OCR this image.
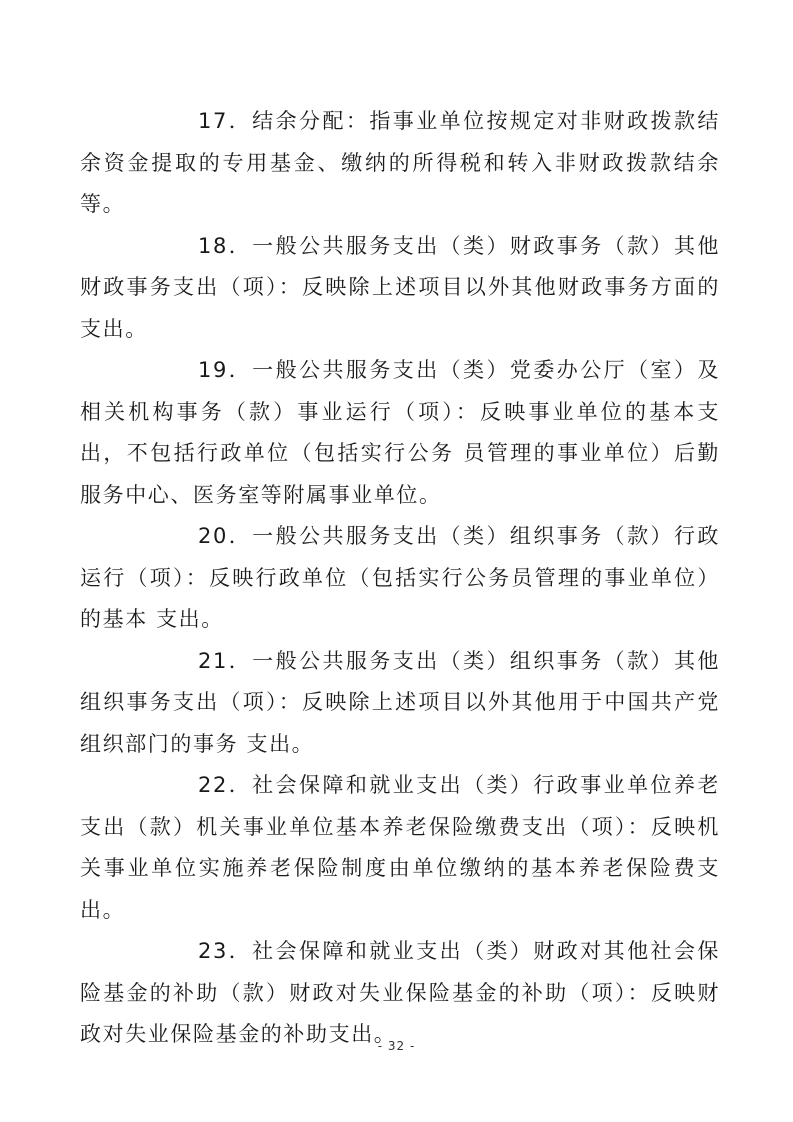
17．结余分配：指事业单位按规定对非财政拨款结余资金提取的专用基金、缴纳的所得税和转入非财政拨款结余等。

18．一般公共服务支出（类）财政事务（款）其他财政事务支出（项）：反映除上述项目以外其他财政事务方面的支出。

19．一般公共服务支出（类）党委办公厅（室）及相关机构事务（款）事业运行（项）：反映事业单位的基本支出，不包括行政单位（包括实行公务 员管理的事业单位）后勤服务中心、医务室等附属事业单位。

20．一般公共服务支出（类）组织事务（款）行政运行（项）：反映行政单位（包括实行公务员管理的事业单位）的基本 支出。

21．一般公共服务支出（类）组织事务（款）其他组织事务支出（项）：反映除上述项目以外其他用于中国共产党组织部门的事务 支出。

22．社会保障和就业支出（类）行政事业单位养老支出（款）机关事业单位基本养老保险缴费支出（项）：反映机关事业单位实施养老保险制度由单位缴纳的基本养老保险费支出。

23．社会保障和就业支出（类）财政对其他社会保险基金的补助（款）财政对失业保险基金的补助（项）：反映财政对失业保险基金的补助支出。

- 32 -
